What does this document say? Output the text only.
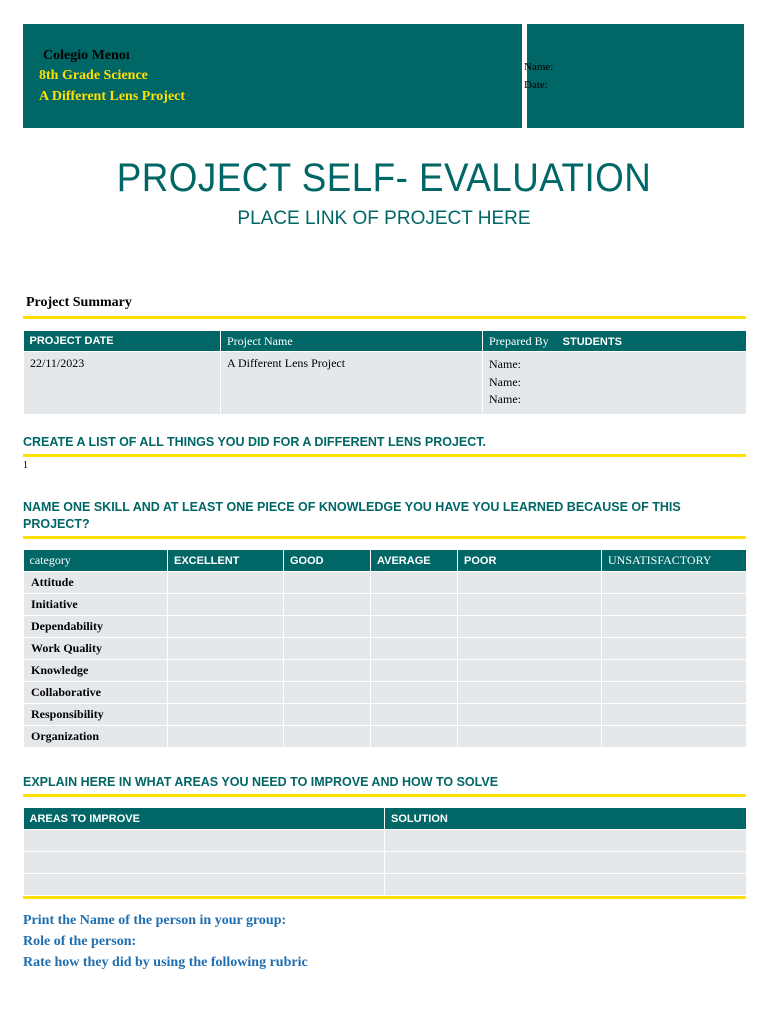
Colegio Menoı
8th Grade Science
A Different Lens Project
Name:
Date:
PROJECT SELF- EVALUATION
PLACE LINK OF PROJECT HERE
Project Summary
PROJECT DATE	Project Name	Prepared By STUDENTS
22/11/2023	A Different Lens Project	Name:
Name:
Name:
CREATE A LIST OF ALL THINGS YOU DID FOR A DIFFERENT LENS PROJECT.
1
NAME ONE SKILL AND AT LEAST ONE PIECE OF KNOWLEDGE YOU HAVE YOU LEARNED BECAUSE OF THIS PROJECT?
category	EXCELLENT	GOOD	AVERAGE	POOR	UNSATISFACTORY
Attitude					
Initiative					
Dependability					
Work Quality					
Knowledge					
Collaborative					
Responsibility					
Organization					
EXPLAIN HERE IN WHAT AREAS YOU NEED TO IMPROVE AND HOW TO SOLVE
AREAS TO IMPROVE	SOLUTION

Print the Name of the person in your group:
Role of the person:
Rate how they did by using the following rubric
